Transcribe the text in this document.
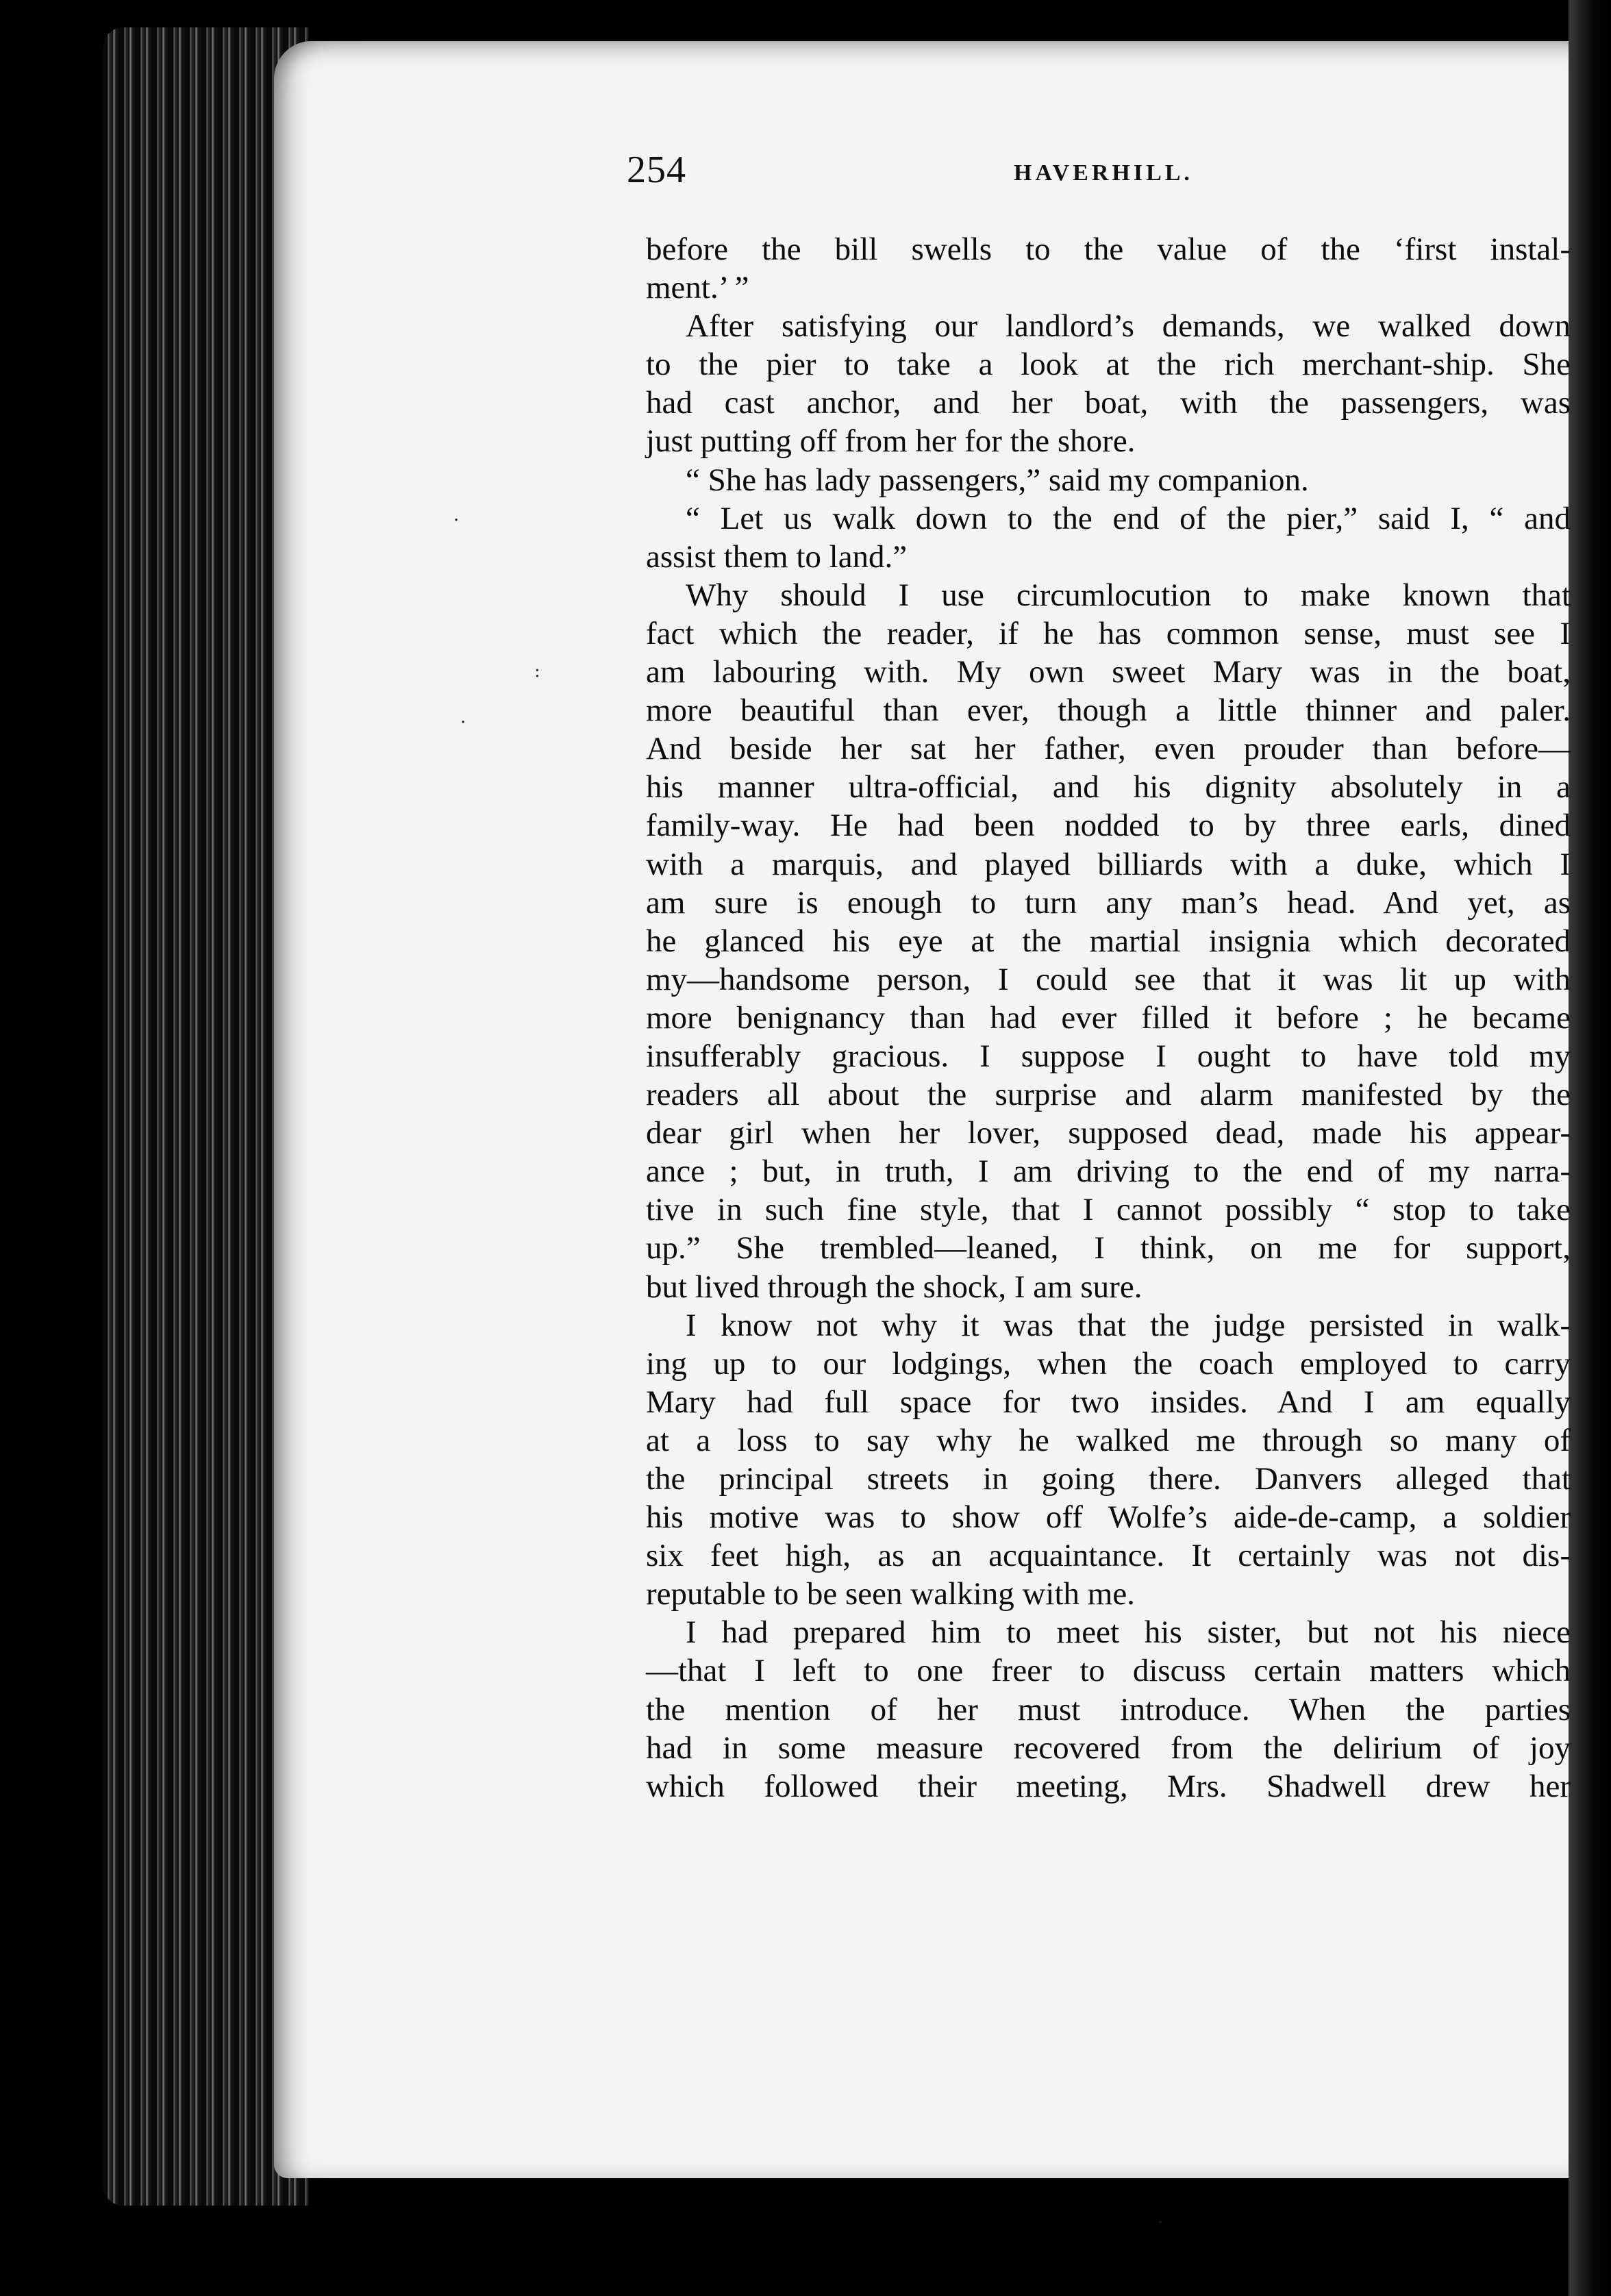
·
:
·
·
254	HAVERHILL.
before the bill swells to the value of the ‘first instal-
ment.’ ”
After satisfying our landlord’s demands, we walked down
to the pier to take a look at the rich merchant-ship. She
had cast anchor, and her boat, with the passengers, was
just putting off from her for the shore.
“ She has lady passengers,” said my companion.
“ Let us walk down to the end of the pier,” said I, “ and
assist them to land.”
Why should I use circumlocution to make known that
fact which the reader, if he has common sense, must see I
am labouring with. My own sweet Mary was in the boat,
more beautiful than ever, though a little thinner and paler.
And beside her sat her father, even prouder than before—
his manner ultra-official, and his dignity absolutely in a
family-way. He had been nodded to by three earls, dined
with a marquis, and played billiards with a duke, which I
am sure is enough to turn any man’s head. And yet, as
he glanced his eye at the martial insignia which decorated
my—handsome person, I could see that it was lit up with
more benignancy than had ever filled it before ; he became
insufferably gracious. I suppose I ought to have told my
readers all about the surprise and alarm manifested by the
dear girl when her lover, supposed dead, made his appear-
ance ; but, in truth, I am driving to the end of my narra-
tive in such fine style, that I cannot possibly “ stop to take
up.” She trembled—leaned, I think, on me for support,
but lived through the shock, I am sure.
I know not why it was that the judge persisted in walk-
ing up to our lodgings, when the coach employed to carry
Mary had full space for two insides. And I am equally
at a loss to say why he walked me through so many of
the principal streets in going there. Danvers alleged that
his motive was to show off Wolfe’s aide-de-camp, a soldier
six feet high, as an acquaintance. It certainly was not dis-
reputable to be seen walking with me.
I had prepared him to meet his sister, but not his niece
—that I left to one freer to discuss certain matters which
the mention of her must introduce. When the parties
had in some measure recovered from the delirium of joy
which followed their meeting, Mrs. Shadwell drew her
